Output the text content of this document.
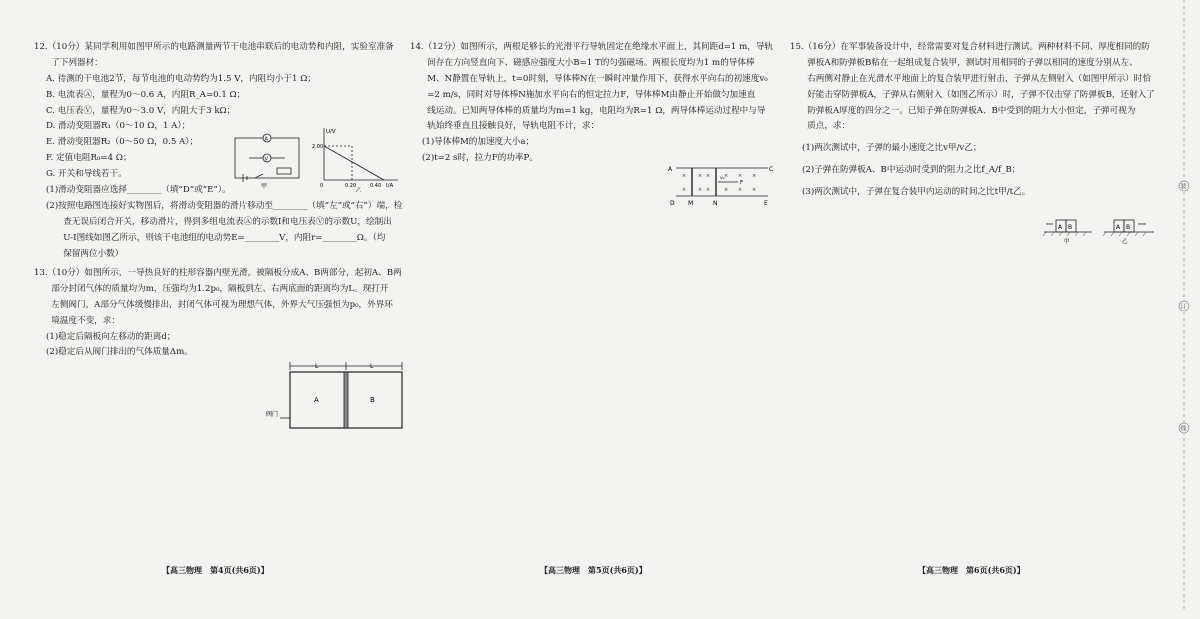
12.（10分）某同学利用如图甲所示的电路测量两节干电池串联后的电动势和内阻，实验室准备

　　了下列器材：

A. 待测的干电池2节，每节电池的电动势约为1.5 V，内阻均小于1 Ω；

B. 电流表Ⓐ，量程为0～0.6 A，内阻R_A=0.1 Ω；

C. 电压表Ⓥ，量程为0～3.0 V，内阻大于3 kΩ；

D. 滑动变阻器R₁（0～10 Ω，1 A）；

E. 滑动变阻器R₂（0～50 Ω，0.5 A）；

F. 定值电阻R₀=4 Ω；

G. 开关和导线若干。

(1)滑动变阻器应选择________（填“D”或“E”）。

(2)按照电路图连接好实物图后，将滑动变阻器的滑片移动至________（填“左”或“右”）端，检

　　查无误后闭合开关，移动滑片，得到多组电流表Ⓐ的示数I和电压表Ⓥ的示数U，绘制出

　　U-I图线如图乙所示，则该干电池组的电动势E=________V，内阻r=________Ω。（均

　　保留两位小数）

A
V
甲
U/V
2.00
0	0.20	0.40 I/A
乙

13.（10分）如图所示，一导热良好的柱形容器内壁光滑，被隔板分成A、B两部分，起初A、B两

　　部分封闭气体的质量均为m，压强均为1.2p₀，隔板到左、右两底面的距离均为L。现打开

　　左侧阀门，A部分气体缓慢排出，封闭气体可视为理想气体，外界大气压强恒为p₀，外界环

　　境温度不变，求：

(1)稳定后隔板向左移动的距离d；

(2)稳定后从阀门排出的气体质量Δm。

L	L
A	B
阀门
【高三物理　第4页(共6页)】

14.（12分）如图所示，两根足够长的光滑平行导轨固定在绝缘水平面上，其间距d=1 m，导轨

　　间存在方向竖直向下、磁感应强度大小B=1 T的匀强磁场。两根长度均为1 m的导体棒

　　M、N静置在导轨上，t=0时刻，导体棒N在一瞬时冲量作用下，获得水平向右的初速度v₀

　　=2 m/s，同时对导体棒N施加水平向右的恒定拉力F，导体棒M由静止开始做匀加速直

　　线运动。已知两导体棒的质量均为m=1 kg，电阻均为R=1 Ω，两导体棒运动过程中与导

　　轨始终垂直且接触良好，导轨电阻不计，求：

(1)导体棒M的加速度大小a；

(2)t=2 s时，拉力F的功率P。

× × ×	× × ×
× × ×	× × ×
A	C
D M	N	E
F
v₀
【高三物理　第5页(共6页)】

15.（16分）在军事装备设计中，经常需要对复合材料进行测试。两种材料不同、厚度相同的防

　　弹板A和防弹板B粘在一起组成复合装甲，测试时用相同的子弹以相同的速度分别从左、

　　右两侧对静止在光滑水平地面上的复合装甲进行射击，子弹从左侧射入（如图甲所示）时恰

　　好能击穿防弹板A，子弹从右侧射入（如图乙所示）时，子弹不仅击穿了防弹板B，还射入了

　　防弹板A厚度的四分之一。已知子弹在防弹板A、B中受到的阻力大小恒定，子弹可视为

　　质点，求：

(1)两次测试中，子弹的最小速度之比v甲/v乙；

(2)子弹在防弹板A、B中运动时受到的阻力之比f_A/f_B；

(3)两次测试中，子弹在复合装甲内运动的时间之比t甲/t乙。

A B	A B
甲	乙
【高三物理　第6页(共6页)】
装
订
线
